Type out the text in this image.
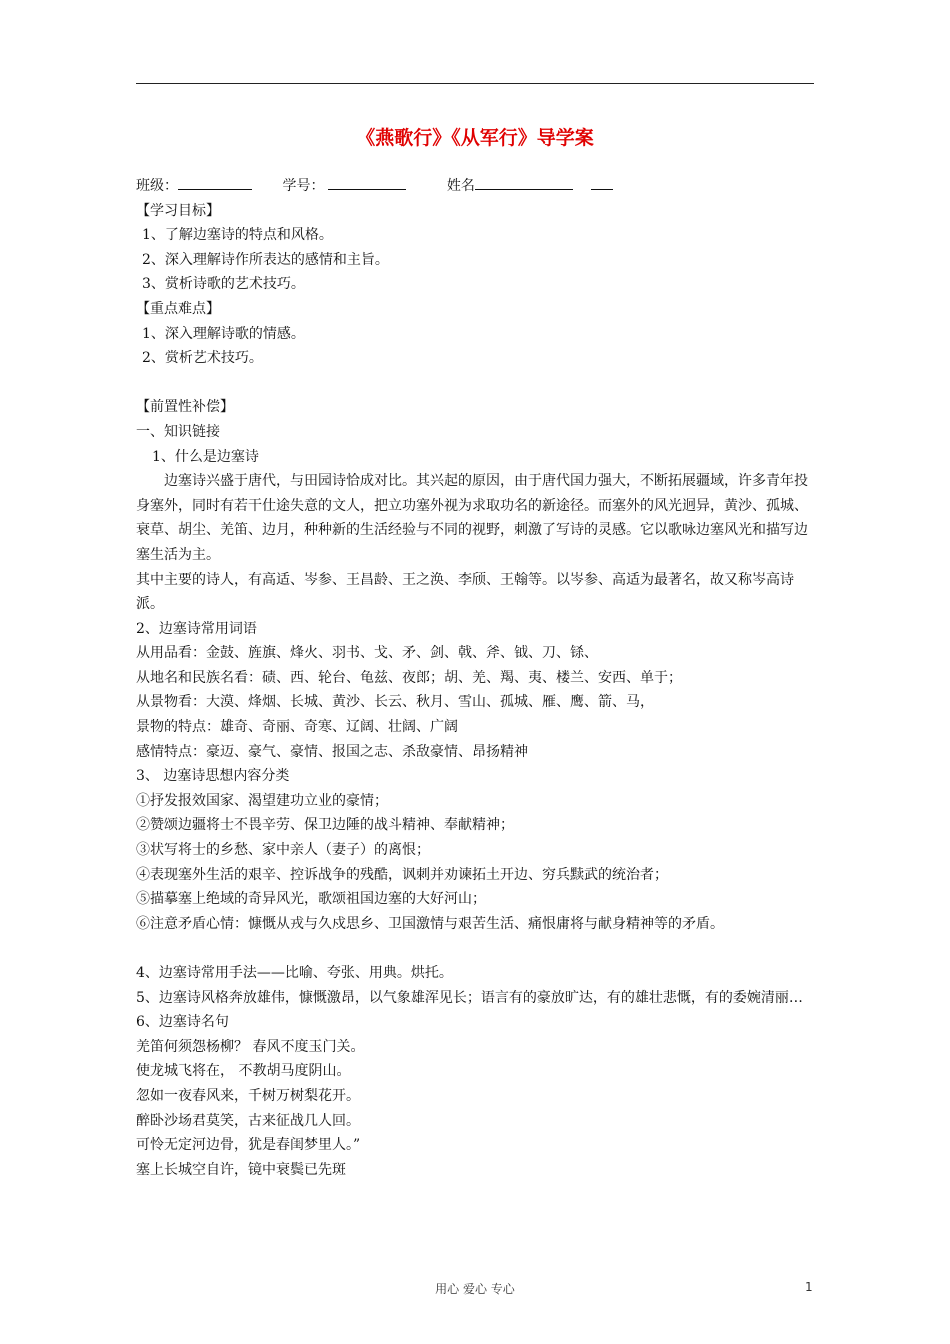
《燕歌行》《从军行》导学案
班级：	学号：	姓名
【学习目标】
1、了解边塞诗的特点和风格。
2、深入理解诗作所表达的感情和主旨。
3、赏析诗歌的艺术技巧。
【重点难点】
1、深入理解诗歌的情感。
2、赏析艺术技巧。
【前置性补偿】
一、知识链接
1、什么是边塞诗
边塞诗兴盛于唐代，与田园诗恰成对比。其兴起的原因，由于唐代国力强大，不断拓展疆域，许多青年投身塞外，同时有若干仕途失意的文人，把立功塞外视为求取功名的新途径。而塞外的风光迥异，黄沙、孤城、衰草、胡尘、羌笛、边月，种种新的生活经验与不同的视野，刺激了写诗的灵感。它以歌咏边塞风光和描写边塞生活为主。
其中主要的诗人，有高适、岑参、王昌龄、王之涣、李颀、王翰等。以岑参、高适为最著名，故又称岑高诗派。
2、边塞诗常用词语
从用品看：金鼓、旌旗、烽火、羽书、戈、矛、剑、戟、斧、钺、刀、铩、
从地名和民族名看：碛、西、轮台、龟兹、夜郎；胡、羌、羯、夷、楼兰、安西、单于；
从景物看：大漠、烽烟、长城、黄沙、长云、秋月、雪山、孤城、雁、鹰、箭、马，
景物的特点：雄奇、奇丽、奇寒、辽阔、壮阔、广阔
感情特点：豪迈、豪气、豪情、报国之志、杀敌豪情、昂扬精神
3、 边塞诗思想内容分类
①抒发报效国家、渴望建功立业的豪情；
②赞颂边疆将士不畏辛劳、保卫边陲的战斗精神、奉献精神；
③状写将士的乡愁、家中亲人（妻子）的离恨；
④表现塞外生活的艰辛、控诉战争的残酷，讽刺并劝谏拓土开边、穷兵黩武的统治者；
⑤描摹塞上绝域的奇异风光，歌颂祖国边塞的大好河山；
⑥注意矛盾心情：慷慨从戎与久戍思乡、卫国激情与艰苦生活、痛恨庸将与献身精神等的矛盾。
4、边塞诗常用手法——比喻、夸张、用典。烘托。
5、边塞诗风格奔放雄伟，慷慨激昂，以气象雄浑见长；语言有的豪放旷达，有的雄壮悲慨，有的委婉清丽…
6、边塞诗名句
羌笛何须怨杨柳？ 春风不度玉门关。
使龙城飞将在， 不教胡马度阴山。
忽如一夜春风来，千树万树梨花开。
醉卧沙场君莫笑，古来征战几人回。
可怜无定河边骨，犹是春闺梦里人。”
塞上长城空自许，镜中衰鬓已先斑
用心 爱心 专心	1
